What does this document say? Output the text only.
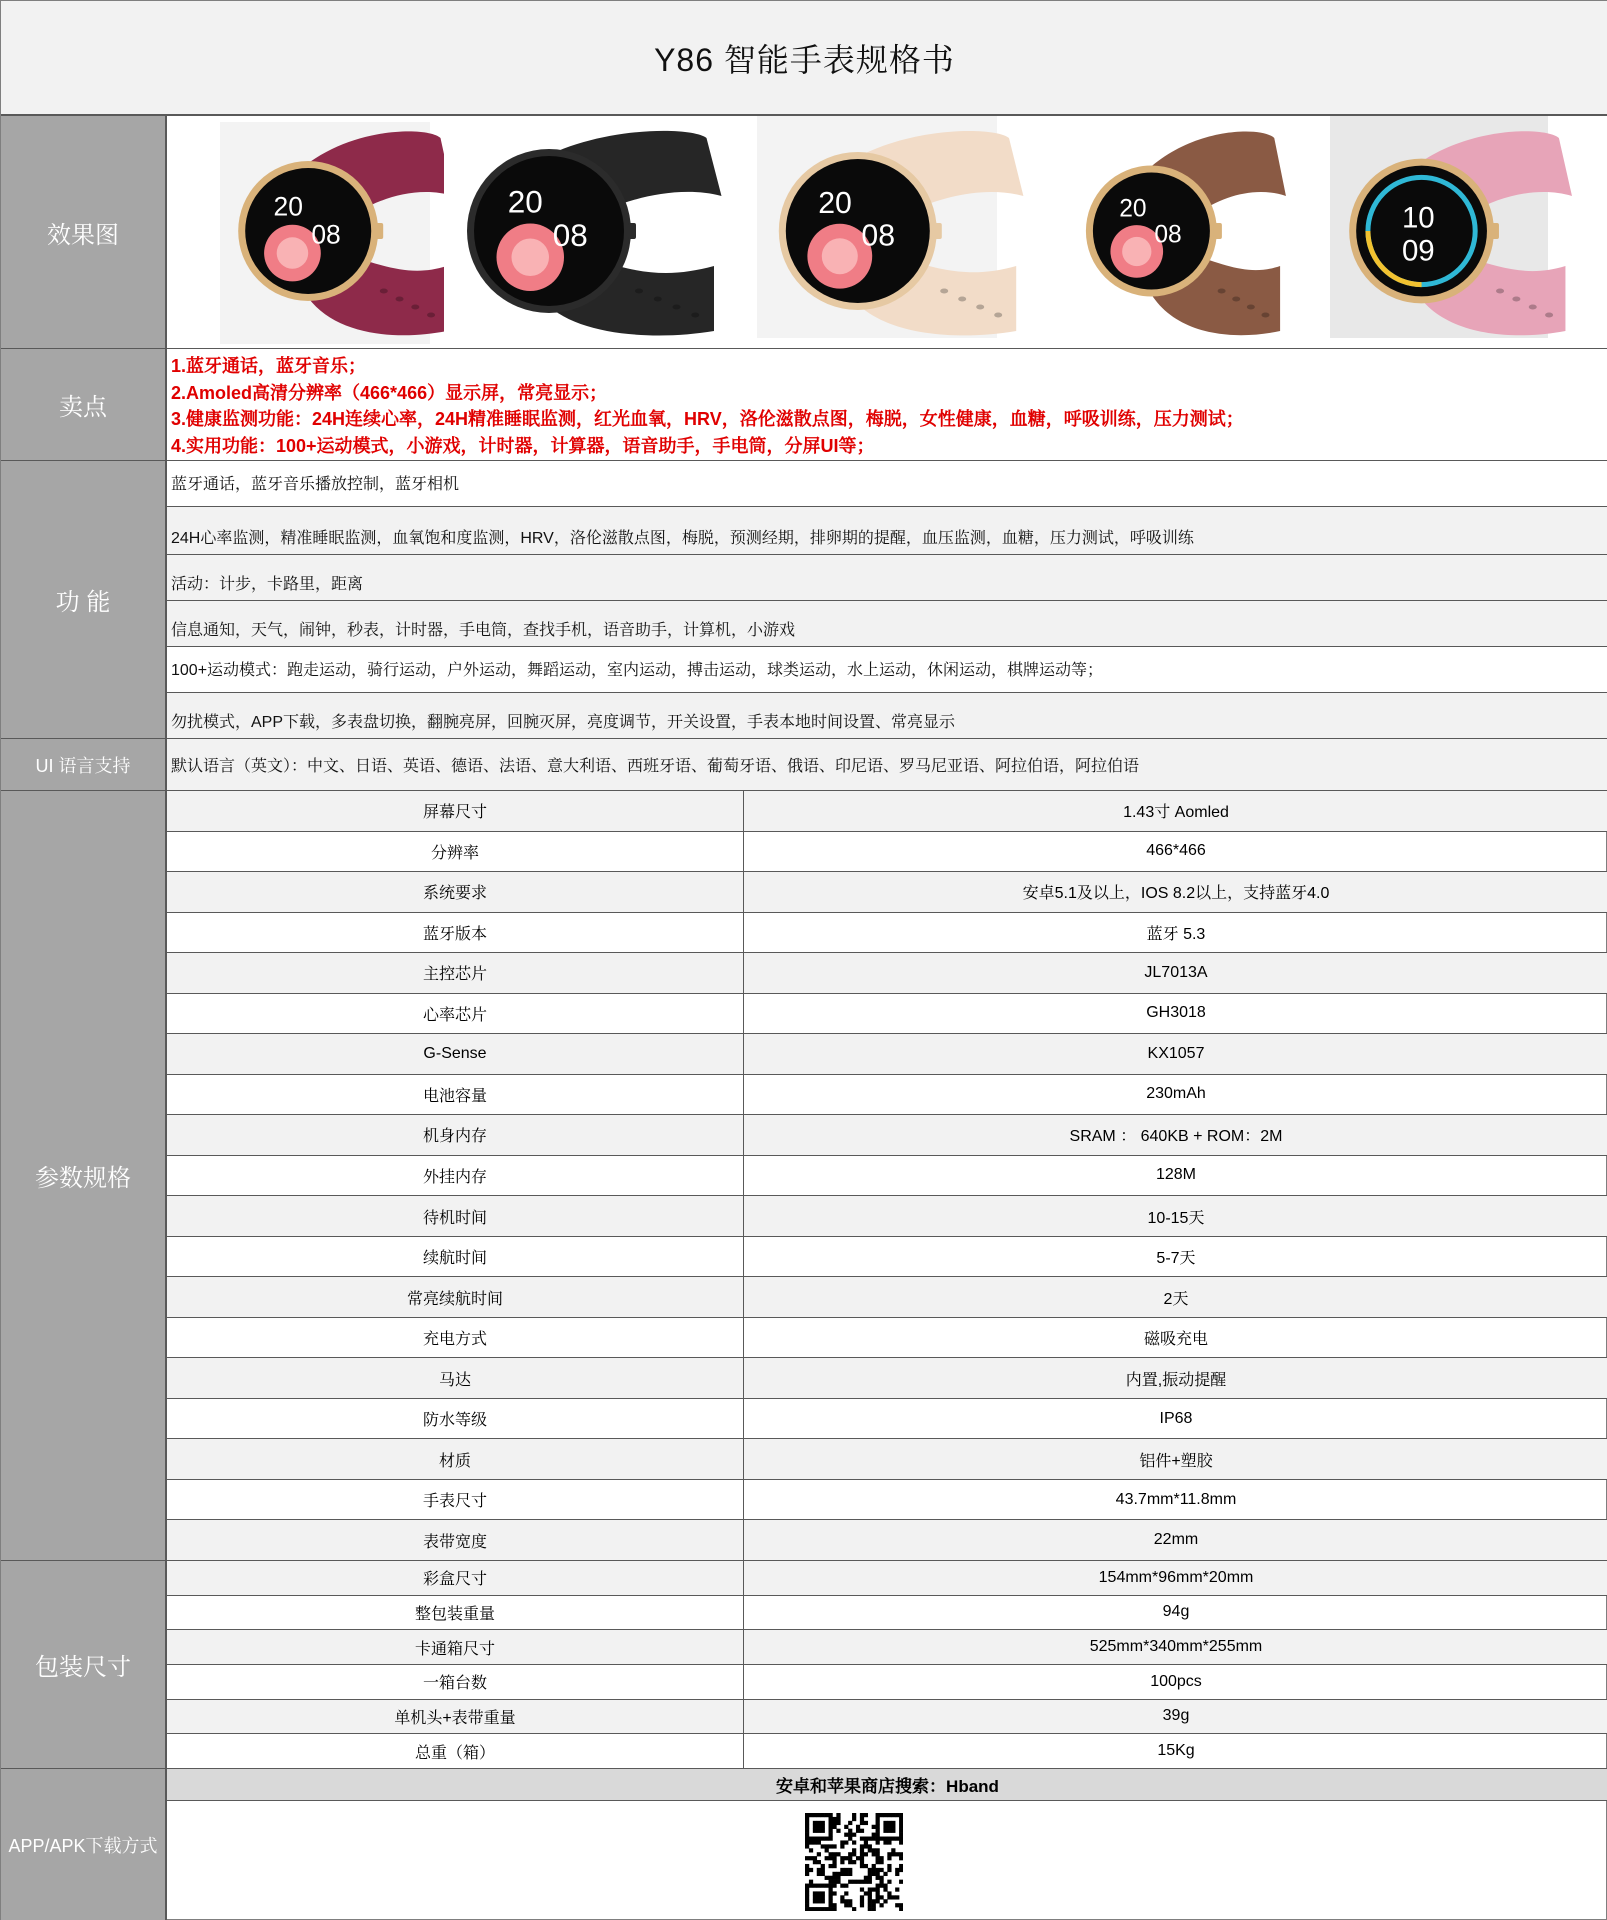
Y86 智能手表规格书
效果图
20
08
20
08
20
08
20
08
10
09
卖点
1.蓝牙通话，蓝牙音乐；
2.Amoled高清分辨率（466*466）显示屏，常亮显示；
3.健康监测功能：24H连续心率，24H精准睡眠监测，红光血氧，HRV，洛伦滋散点图，梅脱，女性健康，血糖，呼吸训练，压力测试；
4.实用功能：100+运动模式，小游戏，计时器，计算器，语音助手，手电筒，分屏UI等；
功 能
蓝牙通话，蓝牙音乐播放控制，蓝牙相机
24H心率监测，精准睡眠监测，血氧饱和度监测，HRV，洛伦滋散点图，梅脱，预测经期，排卵期的提醒，血压监测，血糖，压力测试，呼吸训练
活动：计步，卡路里，距离
信息通知，天气，闹钟，秒表，计时器，手电筒，查找手机，语音助手，计算机，小游戏
100+运动模式：跑走运动，骑行运动，户外运动，舞蹈运动，室内运动，搏击运动，球类运动，水上运动，休闲运动，棋牌运动等；
勿扰模式，APP下载，多表盘切换，翻腕亮屏，回腕灭屏，亮度调节，开关设置，手表本地时间设置、常亮显示
UI 语言支持	默认语言（英文）：中文、日语、英语、德语、法语、意大利语、西班牙语、葡萄牙语、俄语、印尼语、罗马尼亚语、阿拉伯语，阿拉伯语
参数规格
屏幕尺寸	1.43寸 Aomled
分辨率	466*466
系统要求	安卓5.1及以上，IOS 8.2以上，支持蓝牙4.0
蓝牙版本	蓝牙 5.3
主控芯片	JL7013A
心率芯片	GH3018
G-Sense	KX1057
电池容量	230mAh
机身内存	SRAM ： 640KB + ROM：2M
外挂内存	128M
待机时间	10-15天
续航时间	5-7天
常亮续航时间	2天
充电方式	磁吸充电
马达	内置,振动提醒
防水等级	IP68
材质	铝件+塑胶
手表尺寸	43.7mm*11.8mm
表带宽度	22mm
包装尺寸
彩盒尺寸	154mm*96mm*20mm
整包装重量	94g
卡通箱尺寸	525mm*340mm*255mm
一箱台数	100pcs
单机头+表带重量	39g
总重（箱）	15Kg
APP/APK下载方式
安卓和苹果商店搜索：Hband
